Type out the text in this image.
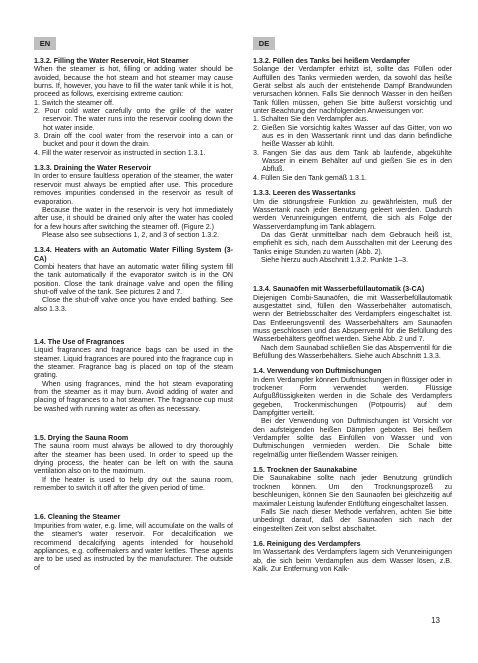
EN	DE

1.3.2. Filling the Water Reservoir, Hot Steamer

When the steamer is hot, filling or adding water should be avoided, because the hot steam and hot steamer may cause burns. If, however, you have to fill the water tank while it is hot, proceed as follows, exercising extreme caution:

1. Switch the steamer off.
2. Pour cold water carefully onto the grille of the water reservoir. The water runs into the reservoir cooling down the hot water inside.
3. Drain off the cool water from the reservoir into a can or bucket and pour it down the drain.
4. Fill the water reservoir as instructed in section 1.3.1.

1.3.3. Draining the Water Reservoir

In order to ensure faultless operation of the steamer, the water reservoir must always be emptied after use. This procedure removes impurities condensed in the reservoir as result of evaporation.

Because the water in the reservoir is very hot immediately after use, it should be drained only after the water has cooled for a few hours after switching the steamer off. (Figure 2.)

Please also see subsections 1, 2, and 3 of section 1.3.2.

1.3.4. Heaters with an Automatic Water Filling System (3-CA)

Combi heaters that have an automatic water filling system fill the tank automatically if the evaporator switch is in the ON position. Close the tank drainage valve and open the filling shut-off valve of the tank. See pictures 2 and 7.

Close the shut-off valve once you have ended bathing. See also 1.3.3.

1.4. The Use of Fragrances

Liquid fragrances and fragrance bags can be used in the steamer. Liquid fragrances are poured into the fragrance cup in the steamer. Fragrance bag is placed on top of the steam grating.

When using fragrances, mind the hot steam evaporating from the steamer as it may burn. Avoid adding of water and placing of fragrances to a hot steamer. The fragrance cup must be washed with running water as often as necessary.

1.5. Drying the Sauna Room

The sauna room must always be allowed to dry thoroughly after the steamer has been used. In order to speed up the drying process, the heater can be left on with the sauna ventilation also on to the maximum.

If the heater is used to help dry out the sauna room, remember to switch it off after the given period of time.

1.6. Cleaning the Steamer

Impurities from water, e.g. lime, will accumulate on the walls of the steamer's water reservoir. For decalcification we recommend decalcifying agents intended for household appliances, e.g. coffeemakers and water kettles. These agents are to be used as instructed by the manufacturer. The outside of

1.3.2. Füllen des Tanks bei heißem Verdampfer

Solange der Verdampfer erhitzt ist, sollte das Füllen oder Auffüllen des Tanks vermieden werden, da sowohl das heiße Gerät selbst als auch der entstehende Dampf Brandwunden verursachen können. Falls Sie dennoch Wasser in den heißen Tank füllen müssen, gehen Sie bitte äußerst vorsichtig und unter Beachtung der nachfolgenden Anweisungen vor:

1. Schalten Sie den Verdampfer aus.
2. Gießen Sie vorsichtig kaltes Wasser auf das Gitter, von wo aus es in den Wassertank rinnt und das darin befindliche heiße Wasser ab kühlt.
3. Fangen Sie das aus dem Tank ab laufende, abgekühlte Wasser in einem Behälter auf und gießen Sie es in den Abfluß.
4. Füllen Sie den Tank gemäß 1.3.1.

1.3.3. Leeren des Wassertanks

Um die störungsfreie Funktion zu gewährleisten, muß der Wassertank nach jeder Benutzung geleert werden. Dadurch werden Verunreinigungen entfernt, die sich als Folge der Wasserverdampfung im Tank ablagern.

Da das Gerät unmittelbar nach dem Gebrauch heiß ist, empfiehlt es sich, nach dem Ausschalten mit der Leerung des Tanks einige Stunden zu warten (Abb. 2).

Siehe hierzu auch Abschnitt 1.3.2. Punkte 1–3.

1.3.4. Saunaöfen mit Wasserbefüllautomatik (3-CA)

Diejenigen Combi-Saunaöfen, die mit Wasserbefüllautomatik ausgestattet sind, füllen den Wasserbehälter automatisch, wenn der Betriebsschalter des Verdampfers eingeschaltet ist. Das Entleerungsventil des Wasserbehälters am Saunaofen muss geschlossen und das Absperrventil für die Befüllung des Wasserbehälters geöffnet werden. Siehe Abb. 2 und 7.

Nach dem Saunabad schließen Sie das Absperrventil für die Befüllung des Wasserbehälters. Siehe auch Abschnitt 1.3.3.

1.4. Verwendung von Duftmischungen

In dem Verdampfer können Duftmischungen in flüssiger oder in trockener Form verwendet werden. Flüssige Aufgußflüssigkeiten werden in die Schale des Verdampfers gegeben, Trockenmischungen (Potpourris) auf dem Dampfgitter verteilt.

Bei der Verwendung von Duftmischungen ist Vorsicht vor den aufsteigenden heißen Dämpfen geboten. Bei heißem Verdampfer sollte das Einfüllen von Wasser und von Duftmischungen vermieden werden. Die Schale bitte regelmäßig unter fließendem Wasser reinigen.

1.5. Trocknen der Saunakabine

Die Saunakabine sollte nach jeder Benutzung gründlich trocknen können. Um den Trocknungsprozeß zu beschleunigen, können Sie den Saunaofen bei gleichzeitig auf maximaler Leistung laufender Entlüftung eingeschaltet lassen.

Falls Sie nach dieser Methode verfahren, achten Sie bitte unbedingt darauf, daß der Saunaofen sich nach der eingestellten Zeit von selbst abschaltet.

1.6. Reinigung des Verdampfers

Im Wassertank des Verdampfers lagern sich Verunreinigungen ab, die sich beim Verdampfen aus dem Wasser lösen, z.B. Kalk. Zur Entfernung von Kalk-

13
